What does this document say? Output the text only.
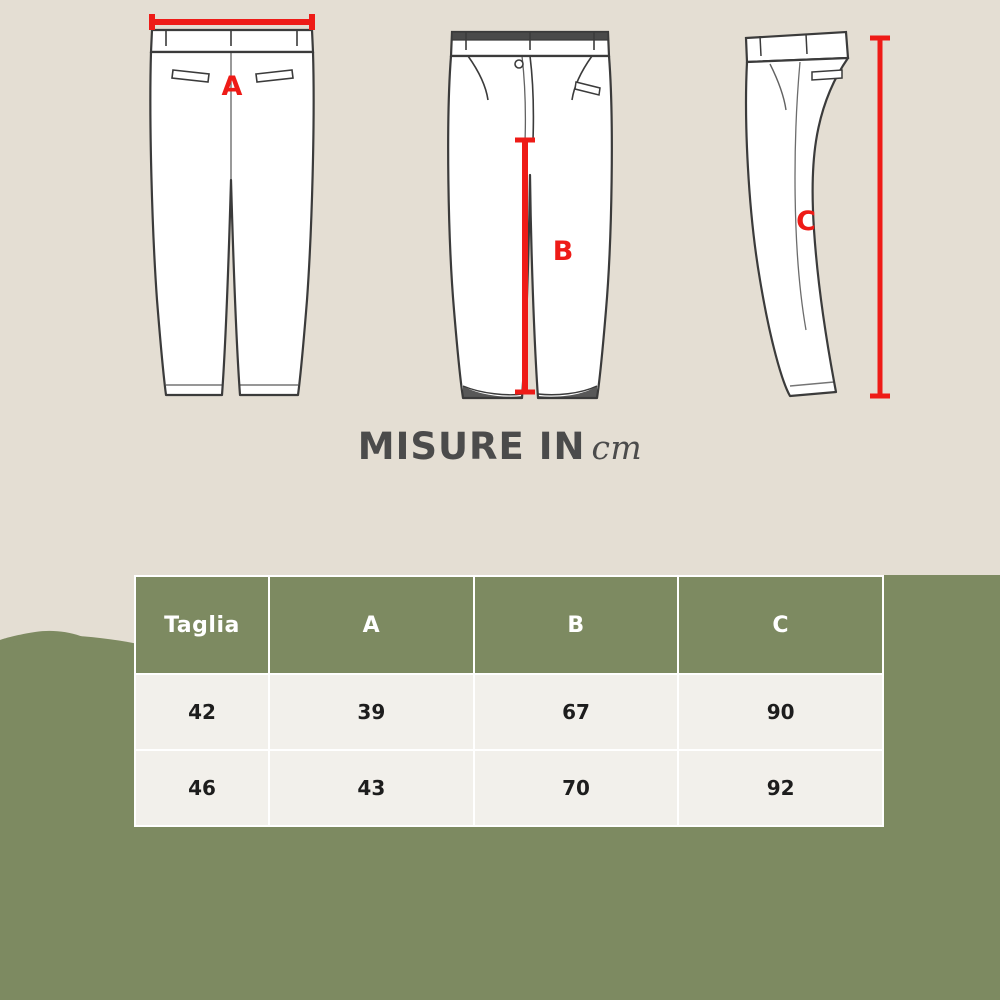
A
B
C
MISURE IN cm
Taglia	A	B	C
42	39	67	90
46	43	70	92
